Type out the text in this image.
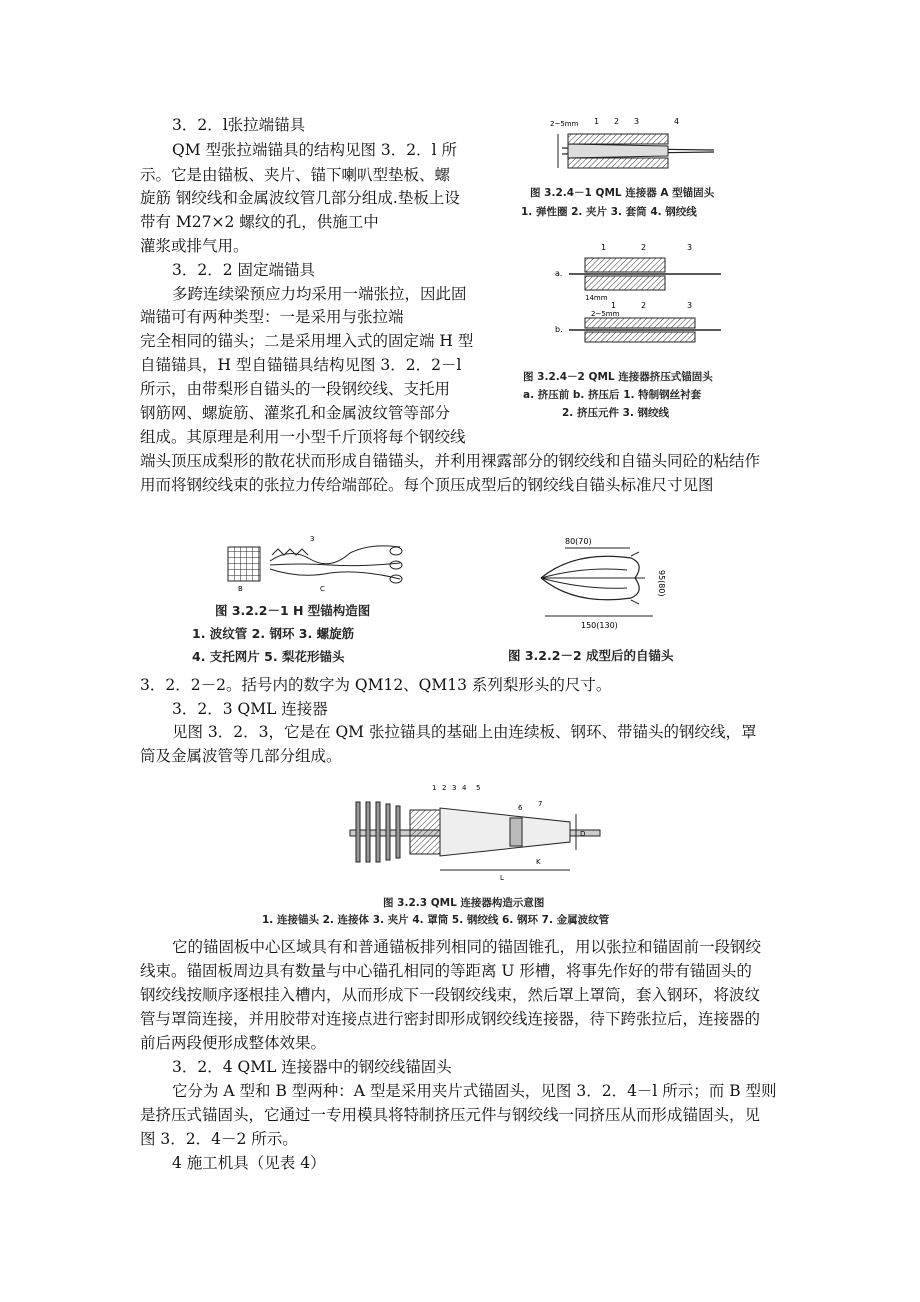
3．2．l张拉端锚具
QM 型张拉端锚具的结构见图 3．2．l 所
示。它是由锚板、夹片、锚下喇叭型垫板、螺
旋筋 钢绞线和金属波纹管几部分组成.垫板上设
带有 M27×2 螺纹的孔，供施工中
灌浆或排气用。
3．2．2 固定端锚具
多跨连续梁预应力均采用一端张拉，因此固
端锚可有两种类型：一是采用与张拉端
完全相同的锚头；二是采用埋入式的固定端 H 型
自锚锚具，H 型自锚锚具结构见图 3．2．2－l
所示，由带梨形自锚头的一段钢绞线、支托用
钢筋网、螺旋筋、灌浆孔和金属波纹管等部分
组成。其原理是利用一小型千斤顶将每个钢绞线
端头顶压成梨形的散花状而形成自锚锚头，并利用裸露部分的钢绞线和自锚头同砼的粘结作
用而将钢绞线束的张拉力传给端部砼。每个顶压成型后的钢绞线自锚头标准尺寸见图
2~5mm 1 2 3	4
图 3.2.4－1 QML 连接器 A 型锚固头
1. 弹性圈 2. 夹片 3. 套筒 4. 钢绞线
1	2	3
a.
14mm
2~5mm
1	2	3
b.
图 3.2.4－2 QML 连接器挤压式锚固头
a. 挤压前 b. 挤压后 1. 特制钢丝衬套
2. 挤压元件 3. 钢绞线
3
B	C
图 3.2.2－1 H 型锚构造图
1. 波纹管 2. 钢环 3. 螺旋筋
4. 支托网片 5. 梨花形锚头
80(70)
95(80)
150(130)
图 3.2.2－2 成型后的自锚头
3．2．2－2。括号内的数字为 QM12、QM13 系列梨形头的尺寸。
3．2．3 QML 连接器
见图 3．2．3，它是在 QM 张拉锚具的基础上由连续板、钢环、带锚头的钢绞线，罩
筒及金属波管等几部分组成。
1 2 3 4 5
6 7
D
L
K
图 3.2.3 QML 连接器构造示意图
1. 连接锚头 2. 连接体 3. 夹片 4. 罩筒 5. 钢绞线 6. 钢环 7. 金属波纹管
它的锚固板中心区域具有和普通锚板排列相同的锚固锥孔，用以张拉和锚固前一段钢绞
线束。锚固板周边具有数量与中心锚孔相同的等距离 U 形槽，将事先作好的带有锚固头的
钢绞线按顺序逐根挂入槽内，从而形成下一段钢绞线束，然后罩上罩筒，套入钢环，将波纹
管与罩筒连接，并用胶带对连接点进行密封即形成钢绞线连接器，待下跨张拉后，连接器的
前后两段便形成整体效果。
3．2．4 QML 连接器中的钢绞线锚固头
它分为 A 型和 B 型两种：A 型是采用夹片式锚固头，见图 3．2．4－l 所示；而 B 型则
是挤压式锚固头，它通过一专用模具将特制挤压元件与钢绞线一同挤压从而形成锚固头，见
图 3．2．4－2 所示。
4 施工机具（见表 4）
